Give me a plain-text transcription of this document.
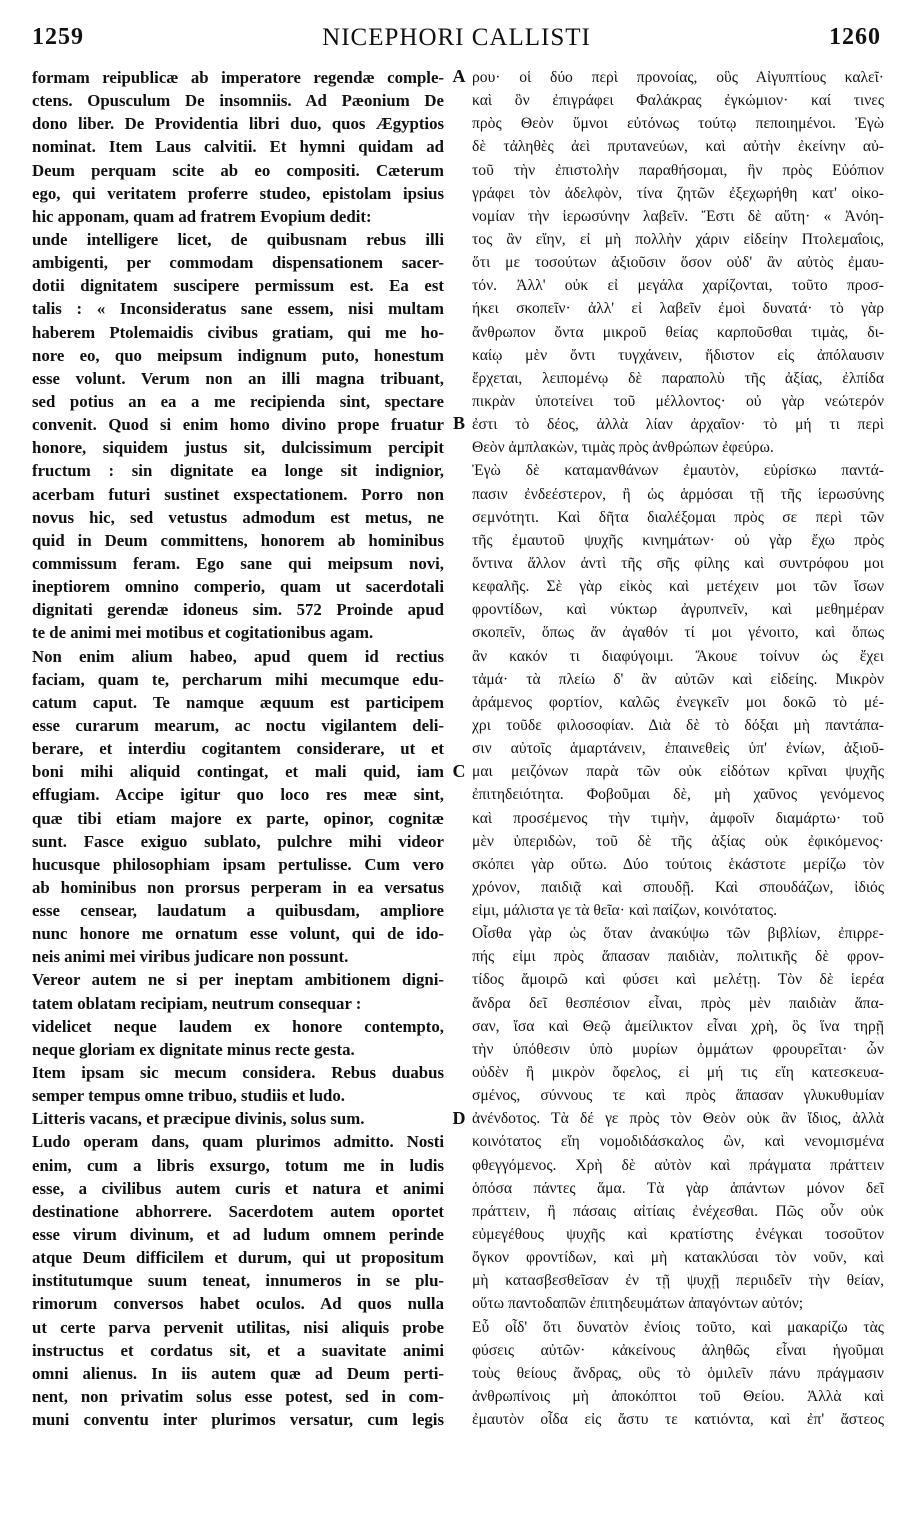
1259	NICEPHORI CALLISTI	1260
formam reipublicæ ab imperatore regendæ comple-
ctens. Opusculum De insomniis. Ad Pæonium De
dono liber. De Providentia libri duo, quos Ægyptios
nominat. Item Laus calvitii. Et hymni quidam ad
Deum perquam scite ab eo compositi. Cæterum
ego, qui veritatem proferre studeo, epistolam ipsius
hic apponam, quam ad fratrem Evopium dedit:
unde intelligere licet, de quibusnam rebus illi
ambigenti, per commodam dispensationem sacer-
dotii dignitatem suscipere permissum est. Ea est
talis : « Inconsideratus sane essem, nisi multam
haberem Ptolemaidis civibus gratiam, qui me ho-
nore eo, quo meipsum indignum puto, honestum
esse volunt. Verum non an illi magna tribuant,
sed potius an ea a me recipienda sint, spectare
convenit. Quod si enim homo divino prope fruatur
honore, siquidem justus sit, dulcissimum percipit
fructum : sin dignitate ea longe sit indignior,
acerbam futuri sustinet exspectationem. Porro non
novus hic, sed vetustus admodum est metus, ne
quid in Deum committens, honorem ab hominibus
commissum feram. Ego sane qui meipsum novi,
ineptiorem omnino comperio, quam ut sacerdotali
dignitati gerendæ idoneus sim. 572 Proinde apud
te de animi mei motibus et cogitationibus agam.
Non enim alium habeo, apud quem id rectius
faciam, quam te, percharum mihi mecumque edu-
catum caput. Te namque æquum est participem
esse curarum mearum, ac noctu vigilantem deli-
berare, et interdiu cogitantem considerare, ut et
boni mihi aliquid contingat, et mali quid, iam
effugiam. Accipe igitur quo loco res meæ sint,
quæ tibi etiam majore ex parte, opinor, cognitæ
sunt. Fasce exiguo sublato, pulchre mihi videor
hucusque philosophiam ipsam pertulisse. Cum vero
ab hominibus non prorsus perperam in ea versatus
esse censear, laudatum a quibusdam, ampliore
nunc honore me ornatum esse volunt, qui de ido-
neis animi mei viribus judicare non possunt.
Vereor autem ne si per ineptam ambitionem digni-
tatem oblatam recipiam, neutrum consequar :
videlicet neque laudem ex honore contempto,
neque gloriam ex dignitate minus recte gesta.
Item ipsam sic mecum considera. Rebus duabus
semper tempus omne tribuo, studiis et ludo.
Litteris vacans, et præcipue divinis, solus sum.
Ludo operam dans, quam plurimos admitto. Nosti
enim, cum a libris exsurgo, totum me in ludis
esse, a civilibus autem curis et natura et animi
destinatione abhorrere. Sacerdotem autem oportet
esse virum divinum, et ad ludum omnem perinde
atque Deum difficilem et durum, qui ut propositum
institutumque suum teneat, innumeros in se plu-
rimorum conversos habet oculos. Ad quos nulla
ut certe parva pervenit utilitas, nisi aliquis probe
instructus et cordatus sit, et a suavitate animi
omni alienus. In iis autem quæ ad Deum perti-
nent, non privatim solus esse potest, sed in com-
muni conventu inter plurimos versatur, cum legis
A
B
C
D
ρου· οἱ δύο περὶ προνοίας, οὓς Αἰγυπτίους καλεῖ·
καὶ ὃν ἐπιγράφει Φαλάκρας ἐγκώμιον· καί τινες
πρὸς Θεὸν ὕμνοι εὐτόνως τούτῳ πεποιημένοι. Ἐγὼ
δὲ τἀληθὲς ἀεὶ πρυτανεύων, καὶ αὐτὴν ἐκείνην αὐ-
τοῦ τὴν ἐπιστολὴν παραθήσομαι, ἣν πρὸς Εὐόπιον
γράφει τὸν ἀδελφὸν, τίνα ζητῶν ἐξεχωρήθη κατ' οἰκο-
νομίαν τὴν ἱερωσύνην λαβεῖν. Ἔστι δὲ αὕτη· « Ἀνόη-
τος ἂν εἴην, εἰ μὴ πολλὴν χάριν εἰδείην Πτολεμαΐοις,
ὅτι με τοσούτων ἀξιοῦσιν ὅσον οὐδ' ἂν αὐτὸς ἐμαυ-
τόν. Ἀλλ' οὐκ εἰ μεγάλα χαρίζονται, τοῦτο προσ-
ήκει σκοπεῖν· ἀλλ' εἰ λαβεῖν ἐμοὶ δυνατά· τὸ γὰρ
ἄνθρωπον ὄντα μικροῦ θείας καρποῦσθαι τιμὰς, δι-
καίῳ μὲν ὄντι τυγχάνειν, ἥδιστον εἰς ἀπόλαυσιν
ἔρχεται, λειπομένῳ δὲ παραπολὺ τῆς ἀξίας, ἐλπίδα
πικρὰν ὑποτείνει τοῦ μέλλοντος· οὐ γὰρ νεώτερόν
ἐστι τὸ δέος, ἀλλὰ λίαν ἀρχαῖον· τὸ μή τι περὶ
Θεὸν ἀμπλακὼν, τιμὰς πρὸς ἀνθρώπων ἐφεύρω.
Ἐγὼ δὲ καταμανθάνων ἐμαυτὸν, εὑρίσκω παντά-
πασιν ἐνδεέστερον, ἢ ὡς ἁρμόσαι τῇ τῆς ἱερωσύνης
σεμνότητι. Καὶ δῆτα διαλέξομαι πρὸς σε περὶ τῶν
τῆς ἐμαυτοῦ ψυχῆς κινημάτων· οὐ γὰρ ἔχω πρὸς
ὅντινα ἄλλον ἀντὶ τῆς σῆς φίλης καὶ συντρόφου μοι
κεφαλῆς. Σὲ γὰρ εἰκὸς καὶ μετέχειν μοι τῶν ἴσων
φροντίδων, καὶ νύκτωρ ἀγρυπνεῖν, καὶ μεθημέραν
σκοπεῖν, ὅπως ἄν ἀγαθόν τί μοι γένοιτο, καὶ ὅπως
ἂν κακόν τι διαφύγοιμι. Ἄκουε τοίνυν ὡς ἔχει
τἀμά· τὰ πλείω δ' ἂν αὐτῶν καὶ εἰδείης. Μικρὸν
ἀράμενος φορτίον, καλῶς ἐνεγκεῖν μοι δοκῶ τὸ μέ-
χρι τοῦδε φιλοσοφίαν. Διὰ δὲ τὸ δόξαι μὴ παντάπα-
σιν αὐτοῖς ἁμαρτάνειν, ἐπαινεθεὶς ὑπ' ἐνίων, ἀξιοῦ-
μαι μειζόνων παρὰ τῶν οὐκ εἰδότων κρῖναι ψυχῆς
ἐπιτηδειότητα. Φοβοῦμαι δὲ, μὴ χαῦνος γενόμενος
καὶ προσέμενος τὴν τιμὴν, ἀμφοῖν διαμάρτω· τοῦ
μὲν ὑπεριδὼν, τοῦ δὲ τῆς ἀξίας οὐκ ἐφικόμενος·
σκόπει γὰρ οὕτω. Δύο τούτοις ἑκάστοτε μερίζω τὸν
χρόνον, παιδιᾷ καὶ σπουδῇ. Καὶ σπουδάζων, ἰδιός
εἰμι, μάλιστα γε τὰ θεῖα· καὶ παίζων, κοινότατος.
Οἶσθα γὰρ ὡς ὅταν ἀνακύψω τῶν βιβλίων, ἐπιρρε-
πής εἰμι πρὸς ἅπασαν παιδιὰν, πολιτικῆς δὲ φρον-
τίδος ἄμοιρῶ καὶ φύσει καὶ μελέτῃ. Τὸν δὲ ἱερέα
ἄνδρα δεῖ θεσπέσιον εἶναι, πρὸς μὲν παιδιὰν ἅπα-
σαν, ἴσα καὶ Θεῷ ἀμείλικτον εἶναι χρὴ, ὃς ἵνα τηρῇ
τὴν ὑπόθεσιν ὑπὸ μυρίων ὀμμάτων φρουρεῖται· ὧν
οὐδὲν ἢ μικρὸν ὄφελος, εἰ μή τις εἴη κατεσκευα-
σμένος, σύννους τε καὶ πρὸς ἅπασαν γλυκυθυμίαν
ἀνένδοτος. Τὰ δέ γε πρὸς τὸν Θεὸν οὐκ ἂν ἴδιος, ἀλλὰ
κοινότατος εἴη νομοδιδάσκαλος ὢν, καὶ νενομισμένα
φθεγγόμενος. Χρὴ δὲ αὐτὸν καὶ πράγματα πράττειν
ὁπόσα πάντες ἅμα. Τὰ γὰρ ἁπάντων μόνον δεῖ
πράττειν, ἢ πάσαις αἰτίαις ἐνέχεσθαι. Πῶς οὖν οὐκ
εὐμεγέθους ψυχῆς καὶ κρατίστης ἐνέγκαι τοσοῦτον
ὄγκον φροντίδων, καὶ μὴ κατακλύσαι τὸν νοῦν, καὶ
μὴ κατασβεσθεῖσαν ἐν τῇ ψυχῇ περιιδεῖν τὴν θείαν,
οὕτω παντοδαπῶν ἐπιτηδευμάτων ἀπαγόντων αὐτόν;
Εὖ οἶδ' ὅτι δυνατὸν ἐνίοις τοῦτο, καὶ μακαρίζω τὰς
φύσεις αὐτῶν· κἀκείνους ἀληθῶς εἶναι ἡγοῦμαι
τοὺς θείους ἄνδρας, οὓς τὸ ὁμιλεῖν πάνυ πράγμασιν
ἀνθρωπίνοις μὴ ἀποκόπτοι τοῦ Θείου. Ἀλλὰ καὶ
ἐμαυτὸν οἶδα εἰς ἄστυ τε κατιόντα, καὶ ἐπ' ἄστεος
